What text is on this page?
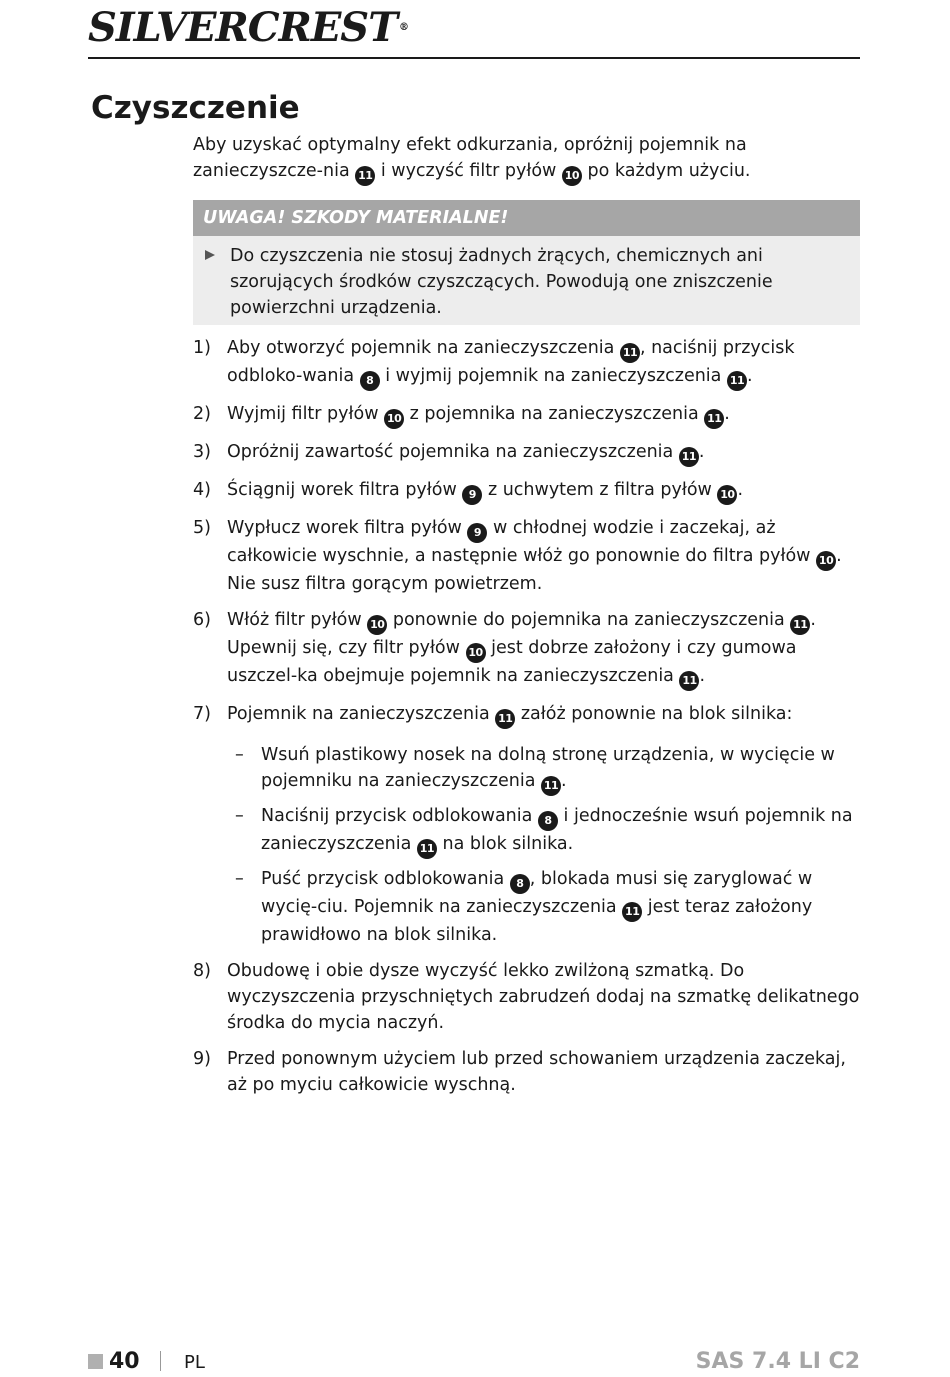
SILVERCREST ®
Czyszczenie

Aby uzyskać optymalny efekt odkurzania, opróżnij pojemnik na zanieczyszcze-nia 11 i wyczyść filtr pyłów 10 po każdym użyciu.

UWAGA! SZKODY MATERIALNE!
Do czyszczenia nie stosuj żadnych żrących, chemicznych ani szorujących środków czyszczących. Powodują one zniszczenie powierzchni urządzenia.
1) Aby otworzyć pojemnik na zanieczyszczenia 11 , naciśnij przycisk odbloko-wania 8 i wyjmij pojemnik na zanieczyszczenia 11 .
2) Wyjmij filtr pyłów 10 z pojemnika na zanieczyszczenia 11 .
3) Opróżnij zawartość pojemnika na zanieczyszczenia 11 .
4) Ściągnij worek filtra pyłów 9 z uchwytem z filtra pyłów 10 .
5) Wypłucz worek filtra pyłów 9 w chłodnej wodzie i zaczekaj, aż całkowicie wyschnie, a następnie włóż go ponownie do filtra pyłów 10 . Nie susz filtra gorącym powietrzem.
6) Włóż filtr pyłów 10 ponownie do pojemnika na zanieczyszczenia 11 . Upewnij się, czy filtr pyłów 10 jest dobrze założony i czy gumowa uszczel-ka obejmuje pojemnik na zanieczyszczenia 11 .
7) Pojemnik na zanieczyszczenia 11 załóż ponownie na blok silnika:
– Wsuń plastikowy nosek na dolną stronę urządzenia, w wycięcie w pojemniku na zanieczyszczenia 11 .
– Naciśnij przycisk odblokowania 8 i jednocześnie wsuń pojemnik na zanieczyszczenia 11 na blok silnika.
– Puść przycisk odblokowania 8 , blokada musi się zaryglować w wycię-ciu. Pojemnik na zanieczyszczenia 11 jest teraz założony prawidłowo na blok silnika.
8) Obudowę i obie dysze wyczyść lekko zwilżoną szmatką. Do wyczyszczenia przyschniętych zabrudzeń dodaj na szmatkę delikatnego środka do mycia naczyń.
9) Przed ponownym użyciem lub przed schowaniem urządzenia zaczekaj, aż po myciu całkowicie wyschną.
40 PL	SAS 7.4 LI C2
